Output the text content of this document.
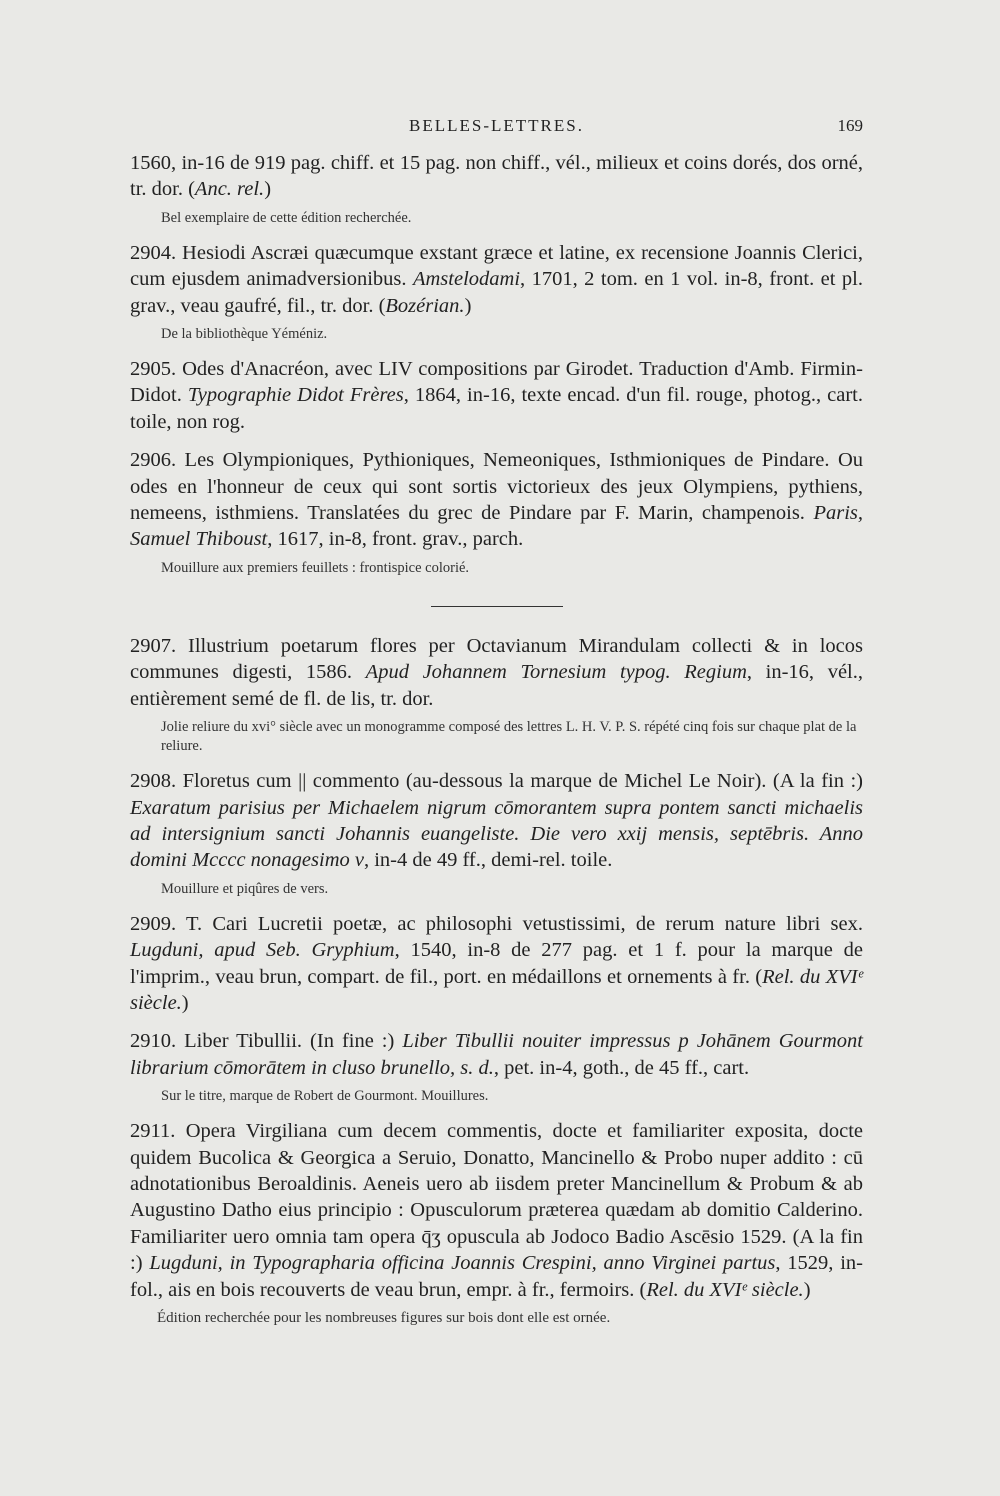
BELLES-LETTRES.	169
1560, in-16 de 919 pag. chiff. et 15 pag. non chiff., vél., milieux et coins dorés, dos orné, tr. dor. (Anc. rel.)
Bel exemplaire de cette édition recherchée.
2904. Hesiodi Ascræi quæcumque exstant græce et latine, ex recensione Joannis Clerici, cum ejusdem animadversionibus. Amstelodami, 1701, 2 tom. en 1 vol. in-8, front. et pl. grav., veau gaufré, fil., tr. dor. (Bozérian.)
De la bibliothèque Yéméniz.
2905. Odes d'Anacréon, avec LIV compositions par Girodet. Traduction d'Amb. Firmin-Didot. Typographie Didot Frères, 1864, in-16, texte encad. d'un fil. rouge, photog., cart. toile, non rog.
2906. Les Olympioniques, Pythioniques, Nemeoniques, Isthmioniques de Pindare. Ou odes en l'honneur de ceux qui sont sortis victorieux des jeux Olympiens, pythiens, nemeens, isthmiens. Translatées du grec de Pindare par F. Marin, champenois. Paris, Samuel Thiboust, 1617, in-8, front. grav., parch.
Mouillure aux premiers feuillets : frontispice colorié.
2907. Illustrium poetarum flores per Octavianum Mirandulam collecti & in locos communes digesti, 1586. Apud Johannem Tornesium typog. Regium, in-16, vél., entièrement semé de fl. de lis, tr. dor.
Jolie reliure du xvi° siècle avec un monogramme composé des lettres L. H. V. P. S. répété cinq fois sur chaque plat de la reliure.
2908. Floretus cum || commento (au-dessous la marque de Michel Le Noir). (A la fin :) Exaratum parisius per Michaelem nigrum cōmorantem supra pontem sancti michaelis ad intersignium sancti Johannis euangeliste. Die vero xxij mensis, septēbris. Anno domini Mcccc nonagesimo v, in-4 de 49 ff., demi-rel. toile.
Mouillure et piqûres de vers.
2909. T. Cari Lucretii poetæ, ac philosophi vetustissimi, de rerum nature libri sex. Lugduni, apud Seb. Gryphium, 1540, in-8 de 277 pag. et 1 f. pour la marque de l'imprim., veau brun, compart. de fil., port. en médaillons et ornements à fr. (Rel. du XVIᵉ siècle.)
2910. Liber Tibullii. (In fine :) Liber Tibullii nouiter impressus p Johānem Gourmont librarium cōmorātem in cluso brunello, s. d., pet. in-4, goth., de 45 ff., cart.
Sur le titre, marque de Robert de Gourmont. Mouillures.
2911. Opera Virgiliana cum decem commentis, docte et familiariter exposita, docte quidem Bucolica & Georgica a Seruio, Donatto, Mancinello & Probo nuper addito : cū adnotationibus Beroaldinis. Aeneis uero ab iisdem preter Mancinellum & Probum & ab Augustino Datho eius principio : Opusculorum præterea quædam ab domitio Calderino. Familiariter uero omnia tam opera q̄ʒ opuscula ab Jodoco Badio Ascēsio 1529. (A la fin :) Lugduni, in Typographaria officina Joannis Crespini, anno Virginei partus, 1529, in-fol., ais en bois recouverts de veau brun, empr. à fr., fermoirs. (Rel. du XVIᵉ siècle.)
Édition recherchée pour les nombreuses figures sur bois dont elle est ornée.
